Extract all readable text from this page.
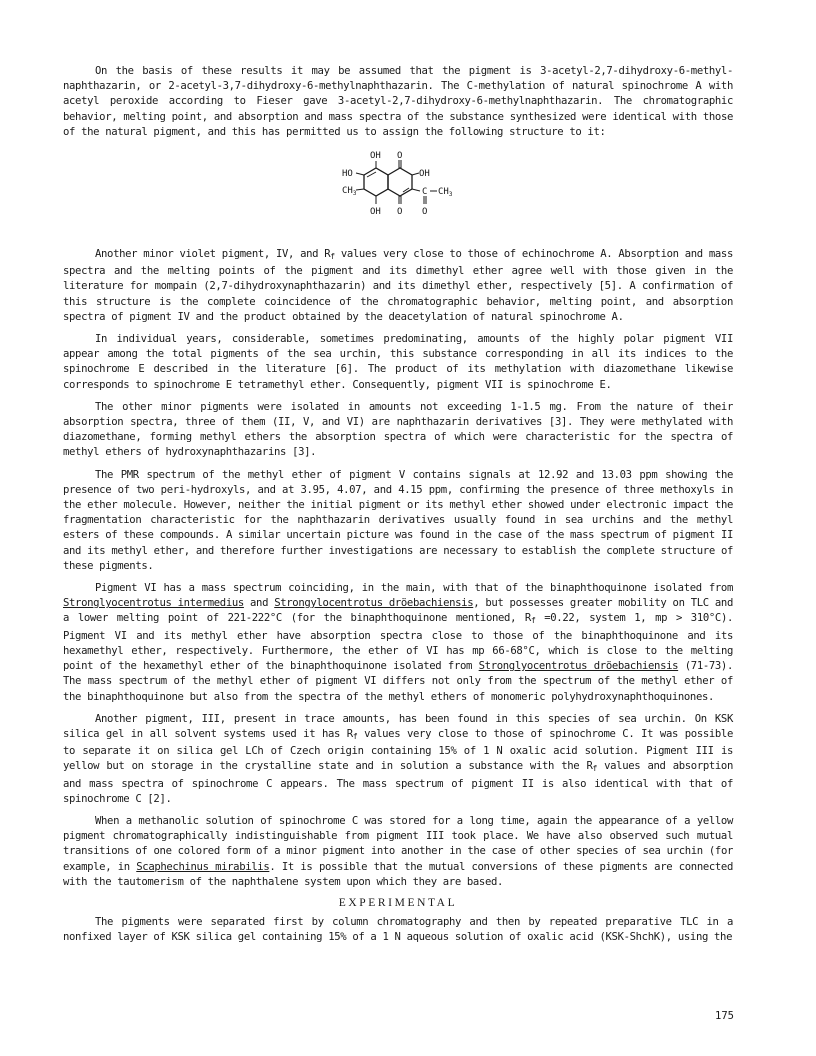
On the basis of these results it may be assumed that the pigment is 3-acetyl-2,7-dihydroxy-6-methyl-naphthazarin, or 2-acetyl-3,7-dihydroxy-6-methylnaphthazarin. The C-methylation of natural spinochrome A with acetyl peroxide according to Fieser gave 3-acetyl-2,7-dihydroxy-6-methylnaphthazarin. The chromatographic behavior, melting point, and absorption and mass spectra of the substance synthesized were identical with those of the natural pigment, and this has permitted us to assign the following structure to it:

OH O
HO	OH
$CH_3$	C $CH_3$
OH O O

Another minor violet pigment, IV, and $R_f$ values very close to those of echinochrome A. Absorption and mass spectra and the melting points of the pigment and its dimethyl ether agree well with those given in the literature for mompain (2,7-dihydroxynaphthazarin) and its dimethyl ether, respectively [5]. A confirmation of this structure is the complete coincidence of the chromatographic behavior, melting point, and absorption spectra of pigment IV and the product obtained by the deacetylation of natural spinochrome A.

In individual years, considerable, sometimes predominating, amounts of the highly polar pigment VII appear among the total pigments of the sea urchin, this substance corresponding in all its indices to the spinochrome E described in the literature [6]. The product of its methylation with diazomethane likewise corresponds to spinochrome E tetramethyl ether. Consequently, pigment VII is spinochrome E.

The other minor pigments were isolated in amounts not exceeding 1-1.5 mg. From the nature of their absorption spectra, three of them (II, V, and VI) are naphthazarin derivatives [3]. They were methylated with diazomethane, forming methyl ethers the absorption spectra of which were characteristic for the spectra of methyl ethers of hydroxynaphthazarins [3].

The PMR spectrum of the methyl ether of pigment V contains signals at 12.92 and 13.03 ppm showing the presence of two peri-hydroxyls, and at 3.95, 4.07, and 4.15 ppm, confirming the presence of three methoxyls in the ether molecule. However, neither the initial pigment or its methyl ether showed under electronic impact the fragmentation characteristic for the naphthazarin derivatives usually found in sea urchins and the methyl esters of these compounds. A similar uncertain picture was found in the case of the mass spectrum of pigment II and its methyl ether, and therefore further investigations are necessary to establish the complete structure of these pigments.

Pigment VI has a mass spectrum coinciding, in the main, with that of the binaphthoquinone isolated from Stronglyocentrotus intermedius and Strongylocentrotus dröebachiensis, but possesses greater mobility on TLC and a lower melting point of 221-222°C (for the binaphthoquinone mentioned, $R_f =0.22$, system 1, mp > 310°C). Pigment VI and its methyl ether have absorption spectra close to those of the binaphthoquinone and its hexamethyl ether, respectively. Furthermore, the ether of VI has mp 66-68°C, which is close to the melting point of the hexamethyl ether of the binaphthoquinone isolated from Stronglyocentrotus dröebachiensis (71-73). The mass spectrum of the methyl ether of pigment VI differs not only from the spectrum of the methyl ether of the binaphthoquinone but also from the spectra of the methyl ethers of monomeric polyhydroxynaphthoquinones.

Another pigment, III, present in trace amounts, has been found in this species of sea urchin. On KSK silica gel in all solvent systems used it has $R_f$ values very close to those of spinochrome C. It was possible to separate it on silica gel LCh of Czech origin containing 15% of 1 N oxalic acid solution. Pigment III is yellow but on storage in the crystalline state and in solution a substance with the $R_f$ values and absorption and mass spectra of spinochrome C appears. The mass spectrum of pigment II is also identical with that of spinochrome C [2].

When a methanolic solution of spinochrome C was stored for a long time, again the appearance of a yellow pigment chromatographically indistinguishable from pigment III took place. We have also observed such mutual transitions of one colored form of a minor pigment into another in the case of other species of sea urchin (for example, in Scaphechinus mirabilis. It is possible that the mutual conversions of these pigments are connected with the tautomerism of the naphthalene system upon which they are based.

EXPERIMENTAL

The pigments were separated first by column chromatography and then by repeated preparative TLC in a nonfixed layer of KSK silica gel containing 15% of a 1 N aqueous solution of oxalic acid (KSK-ShchK), using the

175
